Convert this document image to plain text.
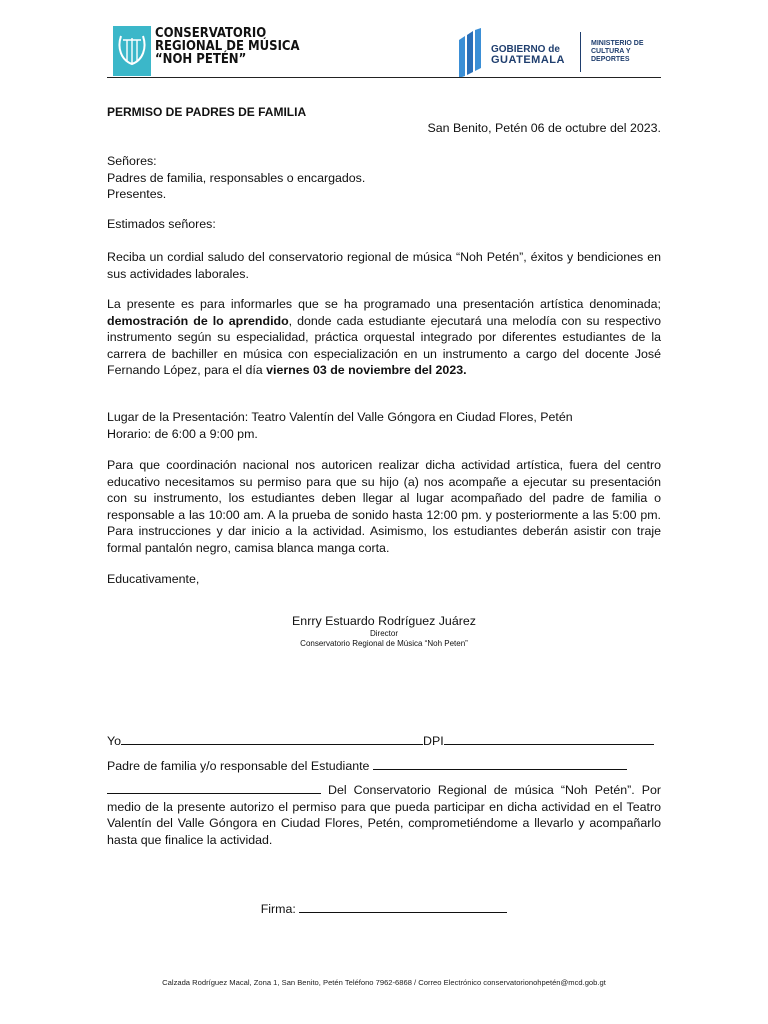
CONSERVATORIO
REGIONAL DE MÚSICA
“NOH PETÉN”
GOBIERNO de
GUATEMALA
MINISTERIO DE
CULTURA Y
DEPORTES
PERMISO DE PADRES DE FAMILIA
San Benito, Petén 06 de octubre del 2023.
Señores:
Padres de familia, responsables o encargados.
Presentes.
Estimados señores:
Reciba un cordial saludo del conservatorio regional de música “Noh Petén”, éxitos y bendiciones en sus actividades laborales.
La presente es para informarles que se ha programado una presentación artística denominada; demostración de lo aprendido, donde cada estudiante ejecutará una melodía con su respectivo instrumento según su especialidad, práctica orquestal integrado por diferentes estudiantes de la carrera de bachiller en música con especialización en un instrumento a cargo del docente José Fernando López, para el día viernes 03 de noviembre del 2023.
Lugar de la Presentación: Teatro Valentín del Valle Góngora en Ciudad Flores, Petén
Horario: de 6:00 a 9:00 pm.
Para que coordinación nacional nos autoricen realizar dicha actividad artística, fuera del centro educativo necesitamos su permiso para que su hijo (a) nos acompañe a ejecutar su presentación con su instrumento, los estudiantes deben llegar al lugar acompañado del padre de familia o responsable a las 10:00 am. A la prueba de sonido hasta 12:00 pm. y posteriormente a las 5:00 pm. Para instrucciones y dar inicio a la actividad. Asimismo, los estudiantes deberán asistir con traje formal pantalón negro, camisa blanca manga corta.
Educativamente,
Enrry Estuardo Rodríguez Juárez
Director
Conservatorio Regional de Música “Noh Peten”
Yo	DPI
Padre de familia y/o responsable del Estudiante
Del Conservatorio Regional de música “Noh Petén”. Por medio de la presente autorizo el permiso para que pueda participar en dicha actividad en el Teatro Valentín del Valle Góngora en Ciudad Flores, Petén, comprometiéndome a llevarlo y acompañarlo hasta que finalice la actividad.
Firma:
Calzada Rodríguez Macal, Zona 1, San Benito, Petén Teléfono 7962-6868 / Correo Electrónico conservatorionohpetén@mcd.gob.gt
